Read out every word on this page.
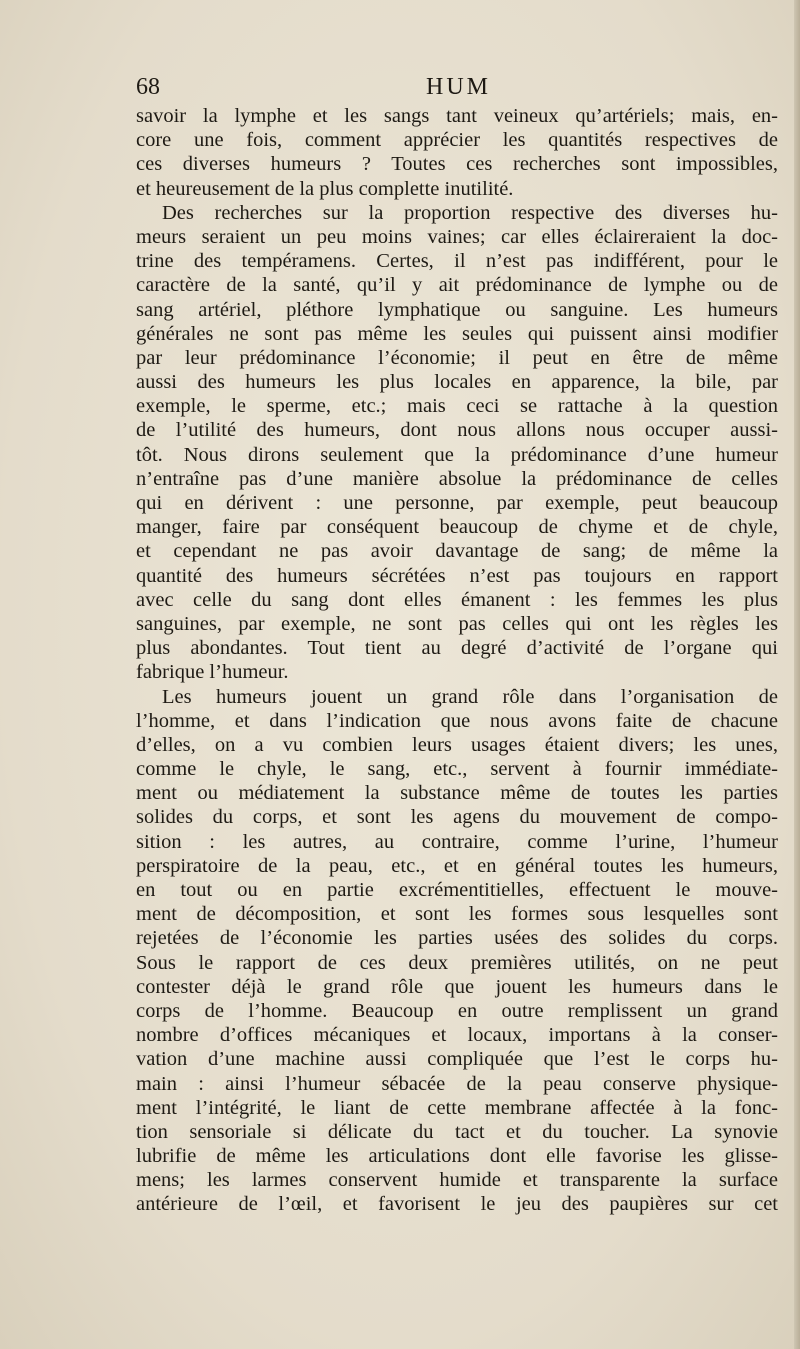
68	HUM
savoir la lymphe et les sangs tant veineux qu’artériels; mais, en-
core une fois, comment apprécier les quantités respectives de
ces diverses humeurs ? Toutes ces recherches sont impossibles,
et heureusement de la plus complette inutilité.
Des recherches sur la proportion respective des diverses hu-
meurs seraient un peu moins vaines; car elles éclaireraient la doc-
trine des tempéramens. Certes, il n’est pas indifférent, pour le
caractère de la santé, qu’il y ait prédominance de lymphe ou de
sang artériel, pléthore lymphatique ou sanguine. Les humeurs
générales ne sont pas même les seules qui puissent ainsi modifier
par leur prédominance l’économie; il peut en être de même
aussi des humeurs les plus locales en apparence, la bile, par
exemple, le sperme, etc.; mais ceci se rattache à la question
de l’utilité des humeurs, dont nous allons nous occuper aussi-
tôt. Nous dirons seulement que la prédominance d’une humeur
n’entraîne pas d’une manière absolue la prédominance de celles
qui en dérivent : une personne, par exemple, peut beaucoup
manger, faire par conséquent beaucoup de chyme et de chyle,
et cependant ne pas avoir davantage de sang; de même la
quantité des humeurs sécrétées n’est pas toujours en rapport
avec celle du sang dont elles émanent : les femmes les plus
sanguines, par exemple, ne sont pas celles qui ont les règles les
plus abondantes. Tout tient au degré d’activité de l’organe qui
fabrique l’humeur.
Les humeurs jouent un grand rôle dans l’organisation de
l’homme, et dans l’indication que nous avons faite de chacune
d’elles, on a vu combien leurs usages étaient divers; les unes,
comme le chyle, le sang, etc., servent à fournir immédiate-
ment ou médiatement la substance même de toutes les parties
solides du corps, et sont les agens du mouvement de compo-
sition : les autres, au contraire, comme l’urine, l’humeur
perspiratoire de la peau, etc., et en général toutes les humeurs,
en tout ou en partie excrémentitielles, effectuent le mouve-
ment de décomposition, et sont les formes sous lesquelles sont
rejetées de l’économie les parties usées des solides du corps.
Sous le rapport de ces deux premières utilités, on ne peut
contester déjà le grand rôle que jouent les humeurs dans le
corps de l’homme. Beaucoup en outre remplissent un grand
nombre d’offices mécaniques et locaux, importans à la conser-
vation d’une machine aussi compliquée que l’est le corps hu-
main : ainsi l’humeur sébacée de la peau conserve physique-
ment l’intégrité, le liant de cette membrane affectée à la fonc-
tion sensoriale si délicate du tact et du toucher. La synovie
lubrifie de même les articulations dont elle favorise les glisse-
mens; les larmes conservent humide et transparente la surface
antérieure de l’œil, et favorisent le jeu des paupières sur cet
